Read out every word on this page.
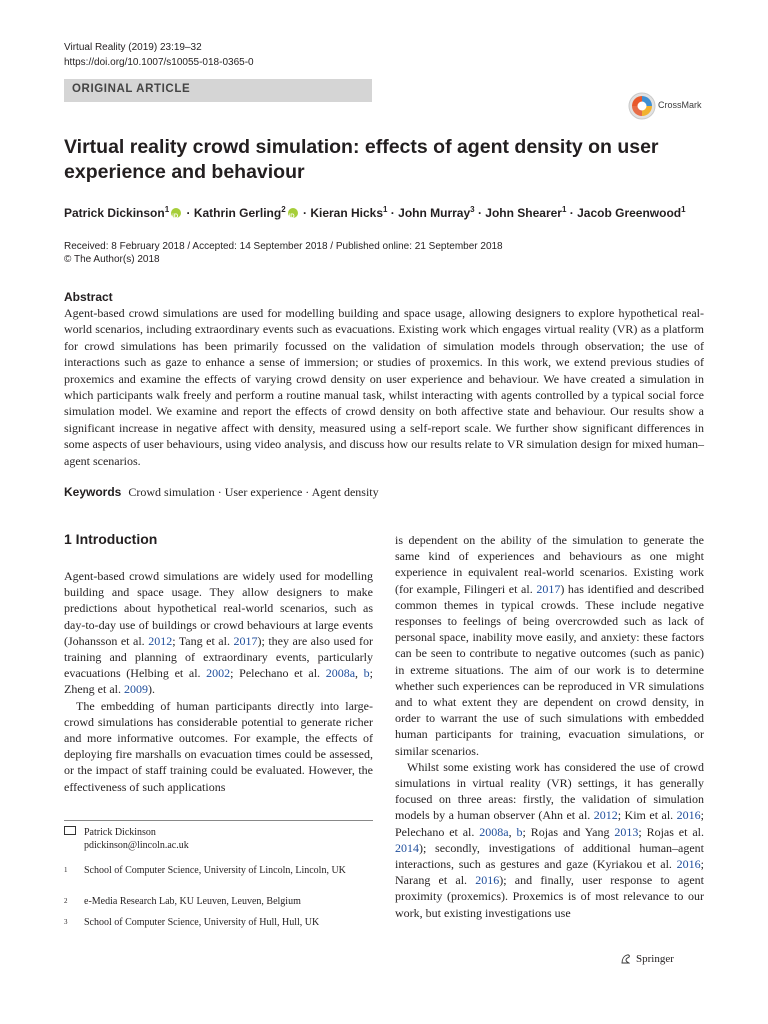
Virtual Reality (2019) 23:19–32
https://doi.org/10.1007/s10055-018-0365-0
ORIGINAL ARTICLE
CrossMark
Virtual reality crowd simulation: effects of agent density on user experience and behaviour
Patrick Dickinson$^1$iD · Kathrin Gerling$^2$iD · Kieran Hicks$^1$ · John Murray$^3$ · John Shearer$^1$ · Jacob Greenwood$^1$
Received: 8 February 2018 / Accepted: 14 September 2018 / Published online: 21 September 2018
© The Author(s) 2018
Abstract
Agent-based crowd simulations are used for modelling building and space usage, allowing designers to explore hypothetical real-world scenarios, including extraordinary events such as evacuations. Existing work which engages virtual reality (VR) as a platform for crowd simulations has been primarily focussed on the validation of simulation models through observation; the use of interactions such as gaze to enhance a sense of immersion; or studies of proxemics. In this work, we extend previous studies of proxemics and examine the effects of varying crowd density on user experience and behaviour. We have created a simulation in which participants walk freely and perform a routine manual task, whilst interacting with agents controlled by a typical social force simulation model. We examine and report the effects of crowd density on both affective state and behaviour. Our results show a significant increase in negative affect with density, measured using a self-report scale. We further show significant differences in some aspects of user behaviours, using video analysis, and discuss how our results relate to VR simulation design for mixed human–agent scenarios.
Keywords Crowd simulation · User experience · Agent density
1 Introduction

Agent-based crowd simulations are widely used for modelling building and space usage. They allow designers to make predictions about hypothetical real-world scenarios, such as day-to-day use of buildings or crowd behaviours at large events (Johansson et al. 2012; Tang et al. 2017); they are also used for training and planning of extraordinary events, particularly evacuations (Helbing et al. 2002; Pelechano et al. 2008a, b; Zheng et al. 2009).

The embedding of human participants directly into large-crowd simulations has considerable potential to generate richer and more informative outcomes. For example, the effects of deploying fire marshalls on evacuation times could be assessed, or the impact of staff training could be evaluated. However, the effectiveness of such applications

is dependent on the ability of the simulation to generate the same kind of experiences and behaviours as one might experience in equivalent real-world scenarios. Existing work (for example, Filingeri et al. 2017) has identified and described common themes in typical crowds. These include negative responses to feelings of being overcrowded such as lack of personal space, inability move easily, and anxiety: these factors can be seen to contribute to negative outcomes (such as panic) in extreme situations. The aim of our work is to determine whether such experiences can be reproduced in VR simulations and to what extent they are dependent on crowd density, in order to warrant the use of such simulations with embedded human participants for training, evacuation simulations, or similar scenarios.

Whilst some existing work has considered the use of crowd simulations in virtual reality (VR) settings, it has generally focused on three areas: firstly, the validation of simulation models by a human observer (Ahn et al. 2012; Kim et al. 2016; Pelechano et al. 2008a, b; Rojas and Yang 2013; Rojas et al. 2014); secondly, investigations of additional human–agent interactions, such as gestures and gaze (Kyriakou et al. 2016; Narang et al. 2016); and finally, user response to agent proximity (proxemics). Proxemics is of most relevance to our work, but existing investigations use

Patrick Dickinson
pdickinson@lincoln.ac.uk
1 School of Computer Science, University of Lincoln, Lincoln, UK
2 e-Media Research Lab, KU Leuven, Leuven, Belgium
3 School of Computer Science, University of Hull, Hull, UK
Springer
